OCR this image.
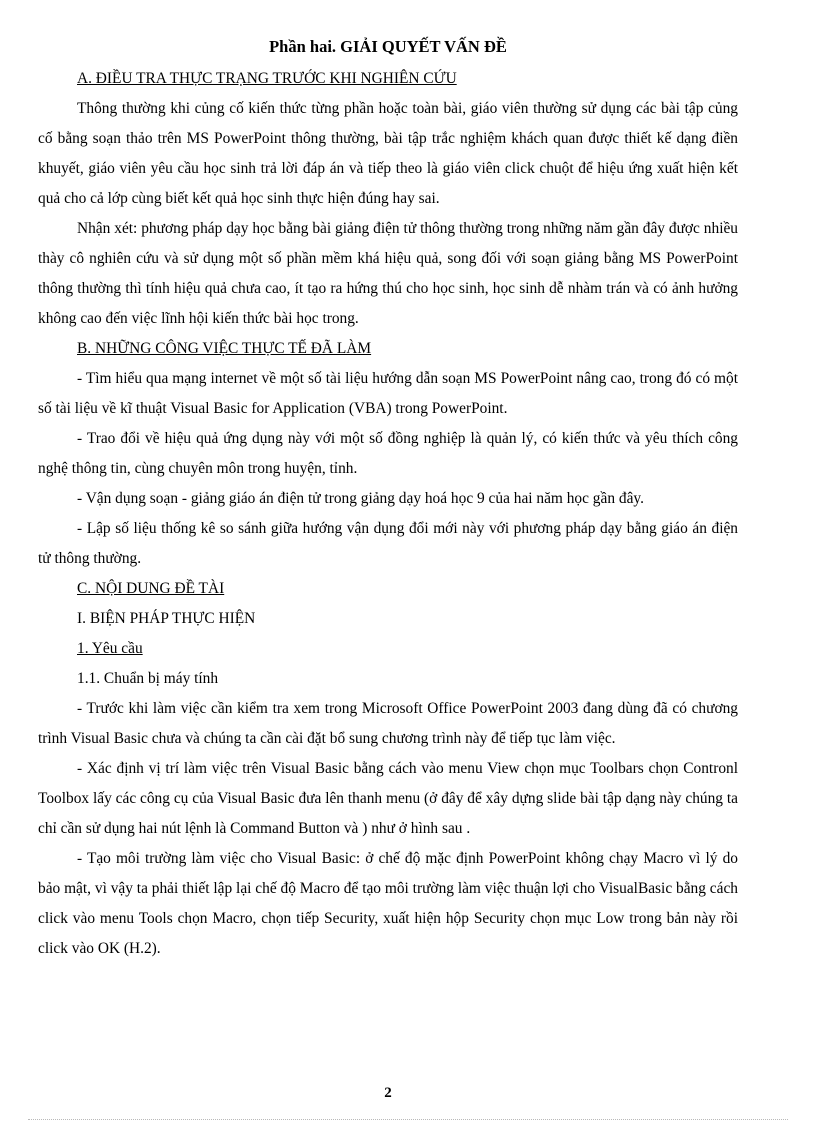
Phần hai. GIẢI QUYẾT VẤN ĐỀ

A. ĐIỀU TRA THỰC TRẠNG TRƯỚC KHI NGHIÊN CỨU

Thông thường khi củng cố kiến thức từng phần hoặc toàn bài, giáo viên thường sử dụng các bài tập củng cố bằng soạn thảo trên MS PowerPoint thông thường, bài tập trắc nghiệm khách quan được thiết kế dạng điền khuyết, giáo viên yêu cầu học sinh trả lời đáp án và tiếp theo là giáo viên click chuột để hiệu ứng xuất hiện kết quả cho cả lớp cùng biết kết quả học sinh thực hiện đúng hay sai.

Nhận xét: phương pháp dạy học bằng bài giảng điện tử thông thường trong những năm gần đây được nhiều thày cô nghiên cứu và sử dụng một số phần mềm khá hiệu quả, song đối với soạn giảng bằng MS PowerPoint thông thường thì tính hiệu quả chưa cao, ít tạo ra hứng thú cho học sinh, học sinh dễ nhàm trán và có ảnh hưởng không cao đến việc lĩnh hội kiến thức bài học trong.

B. NHỮNG CÔNG VIỆC THỰC TẾ ĐÃ LÀM

- Tìm hiểu qua mạng internet về một số tài liệu hướng dẫn soạn MS PowerPoint nâng cao, trong đó có một số tài liệu về kĩ thuật Visual Basic for Application (VBA) trong PowerPoint.

- Trao đổi về hiệu quả ứng dụng này với một số đồng nghiệp là quản lý, có kiến thức và yêu thích công nghệ thông tin, cùng chuyên môn trong huyện, tỉnh.

- Vận dụng soạn - giảng giáo án điện tử trong giảng dạy hoá học 9 của hai năm học gần đây.

- Lập số liệu thống kê so sánh giữa hướng vận dụng đổi mới này với phương pháp dạy bằng giáo án điện tử thông thường.

C. NỘI DUNG ĐỀ TÀI

I. BIỆN PHÁP THỰC HIỆN

1. Yêu cầu

1.1. Chuẩn bị máy tính

- Trước khi làm việc cần kiểm tra xem trong Microsoft Office PowerPoint 2003 đang dùng đã có chương trình Visual Basic chưa và chúng ta cần cài đặt bổ sung chương trình này để tiếp tục làm việc.

- Xác định vị trí làm việc trên Visual Basic bằng cách vào menu View chọn mục Toolbars chọn Contronl Toolbox lấy các công cụ của Visual Basic đưa lên thanh menu (ở đây để xây dựng slide bài tập dạng này chúng ta chỉ cần sử dụng hai nút lệnh là Command Button và ) như ở hình sau .

- Tạo môi trường làm việc cho Visual Basic: ở chế độ mặc định PowerPoint không chạy Macro vì lý do bảo mật, vì vậy ta phải thiết lập lại chế độ Macro để tạo môi trường làm việc thuận lợi cho VisualBasic bằng cách click vào menu Tools chọn Macro, chọn tiếp Security, xuất hiện hộp Security chọn mục Low trong bản này rồi click vào OK (H.2).

2
